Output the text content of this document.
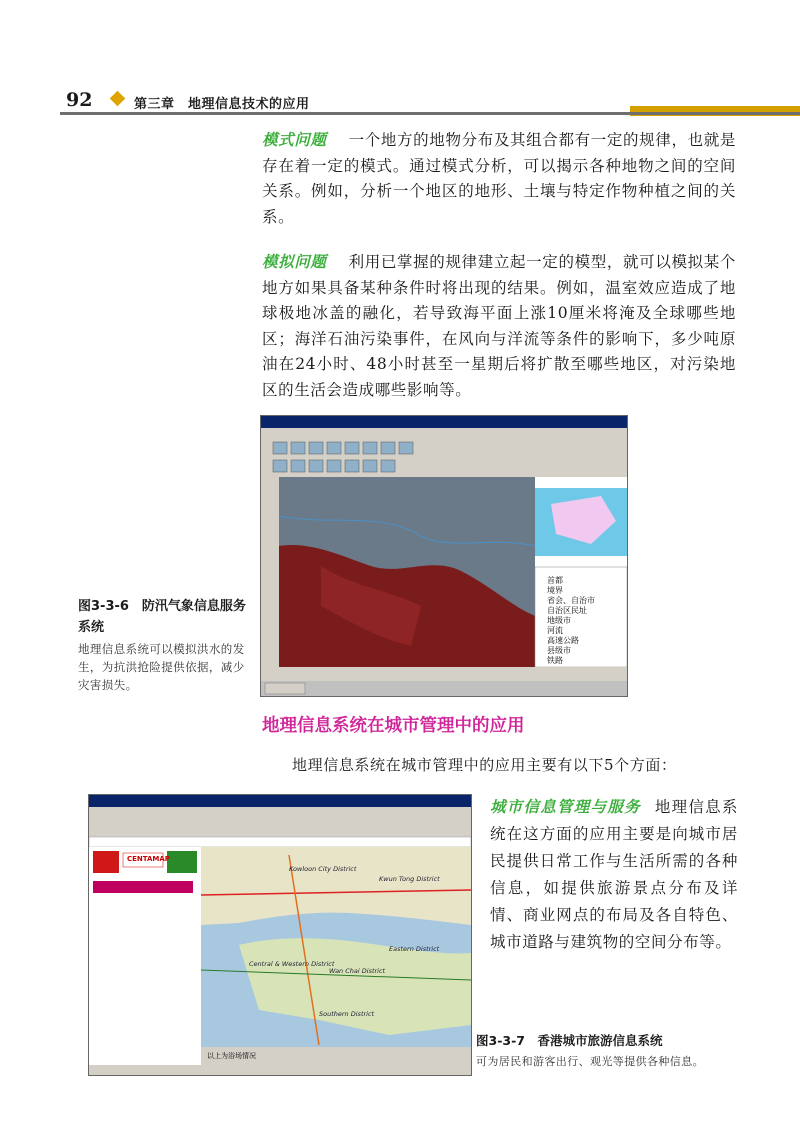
92	第三章　地理信息技术的应用
模式问题 一个地方的地物分布及其组合都有一定的规律，也就是存在着一定的模式。通过模式分析，可以揭示各种地物之间的空间关系。例如，分析一个地区的地形、土壤与特定作物种植之间的关系。
模拟问题 利用已掌握的规律建立起一定的模型，就可以模拟某个地方如果具备某种条件时将出现的结果。例如，温室效应造成了地球极地冰盖的融化，若导致海平面上涨10厘米将淹及全球哪些地区；海洋石油污染事件，在风向与洋流等条件的影响下，多少吨原油在24小时、48小时甚至一星期后将扩散至哪些地区，对污染地区的生活会造成哪些影响等。
首都
境界
省会、自治市
自治区民址
地级市
河流
高速公路
县级市
铁路
图3-3-6　防汛气象信息服务系统
地理信息系统可以模拟洪水的发生，为抗洪抢险提供依据，减少灾害损失。
地理信息系统在城市管理中的应用
地理信息系统在城市管理中的应用主要有以下5个方面：
CENTAMAP
以上为浴场情况
Central & Western District
Wan Chai District
Eastern District
Southern District
Kowloon City District
Kwun Tong District
城市信息管理与服务 地理信息系统在这方面的应用主要是向城市居民提供日常工作与生活所需的各种信息，如提供旅游景点分布及详情、商业网点的布局及各自特色、城市道路与建筑物的空间分布等。
图3-3-7　香港城市旅游信息系统
可为居民和游客出行、观光等提供各种信息。
